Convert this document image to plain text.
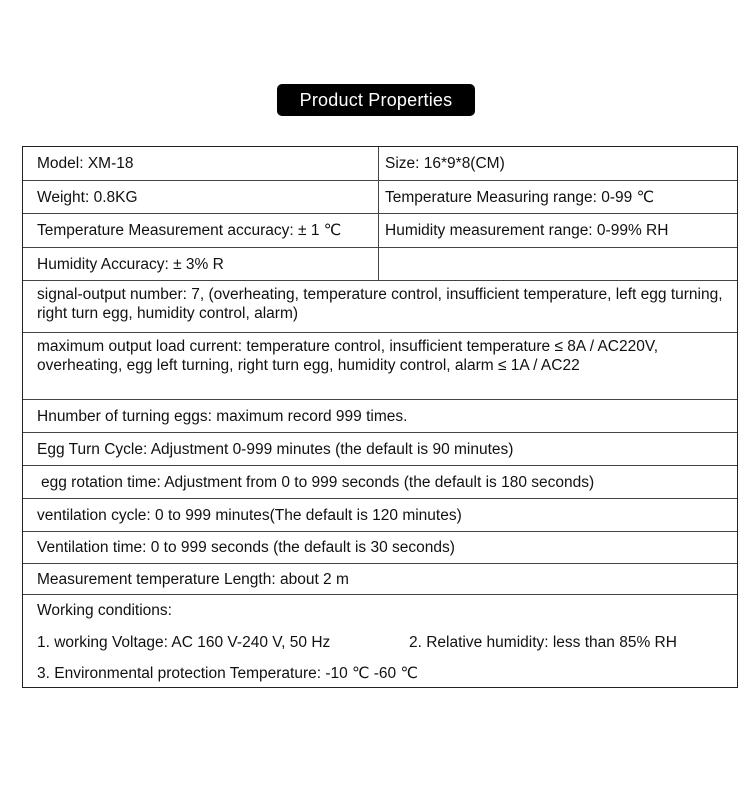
Product Properties
Model: XM-18	Size: 16*9*8(CM)
Weight: 0.8KG	Temperature Measuring range: 0-99 ℃
Temperature Measurement accuracy: ± 1 ℃	Humidity measurement range: 0-99% RH
Humidity Accuracy: ± 3% R
signal-output number: 7, (overheating, temperature control, insufficient temperature, left egg turning, right turn egg, humidity control, alarm)
maximum output load current: temperature control, insufficient temperature ≤ 8A / AC220V, overheating, egg left turning, right turn egg, humidity control, alarm ≤ 1A / AC22
Hnumber of turning eggs: maximum record 999 times.
Egg Turn Cycle: Adjustment 0-999 minutes (the default is 90 minutes)
egg rotation time: Adjustment from 0 to 999 seconds (the default is 180 seconds)
ventilation cycle: 0 to 999 minutes(The default is 120 minutes)
Ventilation time: 0 to 999 seconds (the default is 30 seconds)
Measurement temperature Length: about 2 m
Working conditions:
1. working Voltage: AC 160 V-240 V, 50 Hz	2. Relative humidity: less than 85% RH
3. Environmental protection Temperature: -10 ℃ -60 ℃
